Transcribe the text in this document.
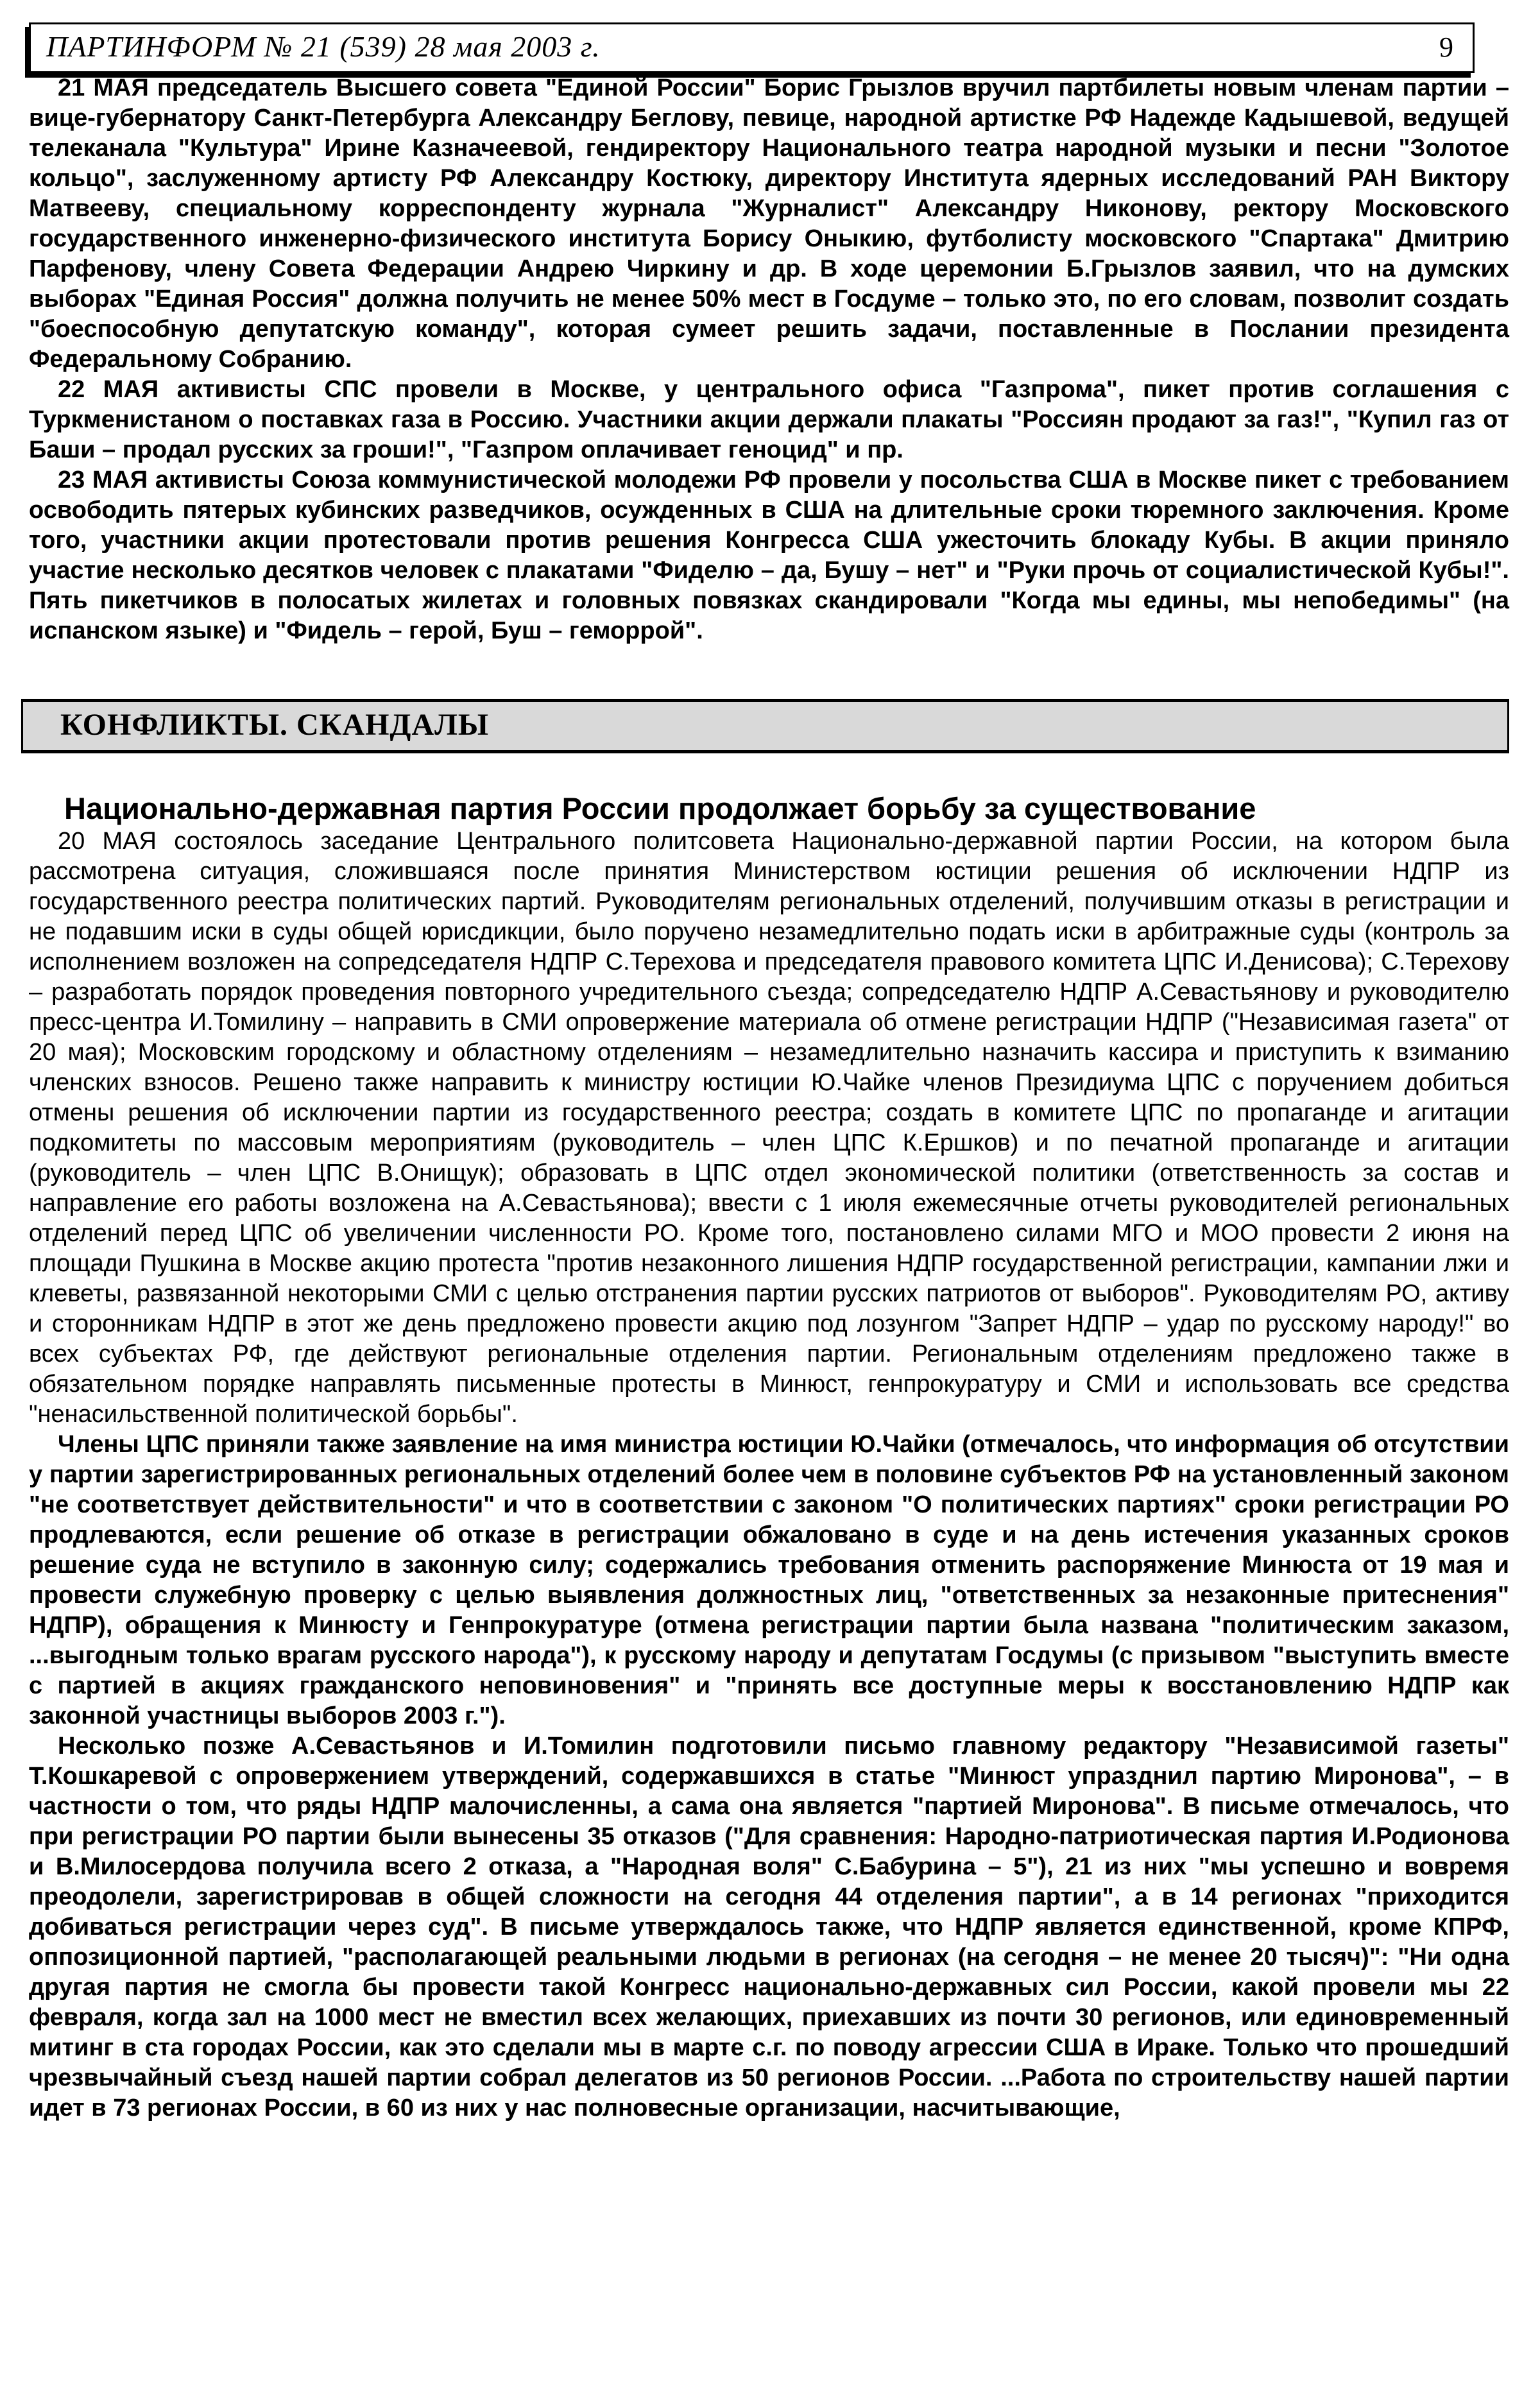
ПАРТИНФОРМ № 21 (539) 28 мая 2003 г.	9

21 МАЯ председатель Высшего совета "Единой России" Борис Грызлов вручил партбилеты новым членам партии – вице-губернатору Санкт-Петербурга Александру Беглову, певице, народной артистке РФ Надежде Кадышевой, ведущей телеканала "Культура" Ирине Казначеевой, гендиректору Национального театра народной музыки и песни "Золотое кольцо", заслуженному артисту РФ Александру Костюку, директору Института ядерных исследований РАН Виктору Матвееву, специальному корреспонденту журнала "Журналист" Александру Никонову, ректору Московского государственного инженерно-физического института Борису Оныкию, футболисту московского "Спартака" Дмитрию Парфенову, члену Совета Федерации Андрею Чиркину и др. В ходе церемонии Б.Грызлов заявил, что на думских выборах "Единая Россия" должна получить не менее 50% мест в Госдуме – только это, по его словам, позволит создать "боеспособную депутатскую команду", которая сумеет решить задачи, поставленные в Послании президента Федеральному Собранию.

22 МАЯ активисты СПС провели в Москве, у центрального офиса "Газпрома", пикет против соглашения с Туркменистаном о поставках газа в Россию. Участники акции держали плакаты "Россиян продают за газ!", "Купил газ от Баши – продал русских за гроши!", "Газпром оплачивает геноцид" и пр.

23 МАЯ активисты Союза коммунистической молодежи РФ провели у посольства США в Москве пикет с требованием освободить пятерых кубинских разведчиков, осужденных в США на длительные сроки тюремного заключения. Кроме того, участники акции протестовали против решения Конгресса США ужесточить блокаду Кубы. В акции приняло участие несколько десятков человек с плакатами "Фиделю – да, Бушу – нет" и "Руки прочь от социалистической Кубы!". Пять пикетчиков в полосатых жилетах и головных повязках скандировали "Когда мы едины, мы непобедимы" (на испанском языке) и "Фидель – герой, Буш – геморрой".

КОНФЛИКТЫ. СКАНДАЛЫ
Национально-державная партия России продолжает борьбу за существование

20 МАЯ состоялось заседание Центрального политсовета Национально-державной партии России, на котором была рассмотрена ситуация, сложившаяся после принятия Министерством юстиции решения об исключении НДПР из государственного реестра политических партий. Руководителям региональных отделений, получившим отказы в регистрации и не подавшим иски в суды общей юрисдикции, было поручено незамедлительно подать иски в арбитражные суды (контроль за исполнением возложен на сопредседателя НДПР С.Терехова и председателя правового комитета ЦПС И.Денисова); С.Терехову – разработать порядок проведения повторного учредительного съезда; сопредседателю НДПР А.Севастьянову и руководителю пресс-центра И.Томилину – направить в СМИ опровержение материала об отмене регистрации НДПР ("Независимая газета" от 20 мая); Московским городскому и областному отделениям – незамедлительно назначить кассира и приступить к взиманию членских взносов. Решено также направить к министру юстиции Ю.Чайке членов Президиума ЦПС с поручением добиться отмены решения об исключении партии из государственного реестра; создать в комитете ЦПС по пропаганде и агитации подкомитеты по массовым мероприятиям (руководитель – член ЦПС К.Ершков) и по печатной пропаганде и агитации (руководитель – член ЦПС В.Онищук); образовать в ЦПС отдел экономической политики (ответственность за состав и направление его работы возложена на А.Севастьянова); ввести с 1 июля ежемесячные отчеты руководителей региональных отделений перед ЦПС об увеличении численности РО. Кроме того, постановлено силами МГО и МОО провести 2 июня на площади Пушкина в Москве акцию протеста "против незаконного лишения НДПР государственной регистрации, кампании лжи и клеветы, развязанной некоторыми СМИ с целью отстранения партии русских патриотов от выборов". Руководителям РО, активу и сторонникам НДПР в этот же день предложено провести акцию под лозунгом "Запрет НДПР – удар по русскому народу!" во всех субъектах РФ, где действуют региональные отделения партии. Региональным отделениям предложено также в обязательном порядке направлять письменные протесты в Минюст, генпрокуратуру и СМИ и использовать все средства "ненасильственной политической борьбы".

Члены ЦПС приняли также заявление на имя министра юстиции Ю.Чайки (отмечалось, что информация об отсутствии у партии зарегистрированных региональных отделений более чем в половине субъектов РФ на установленный законом "не соответствует действительности" и что в соответствии с законом "О политических партиях" сроки регистрации РО продлеваются, если решение об отказе в регистрации обжаловано в суде и на день истечения указанных сроков решение суда не вступило в законную силу; содержались требования отменить распоряжение Минюста от 19 мая и провести служебную проверку с целью выявления должностных лиц, "ответственных за незаконные притеснения" НДПР), обращения к Минюсту и Генпрокуратуре (отмена регистрации партии была названа "политическим заказом, ...выгодным только врагам русского народа"), к русскому народу и депутатам Госдумы (с призывом "выступить вместе с партией в акциях гражданского неповиновения" и "принять все доступные меры к восстановлению НДПР как законной участницы выборов 2003 г.").

Несколько позже А.Севастьянов и И.Томилин подготовили письмо главному редактору "Независимой газеты" Т.Кошкаревой с опровержением утверждений, содержавшихся в статье "Минюст упразднил партию Миронова", – в частности о том, что ряды НДПР малочисленны, а сама она является "партией Миронова". В письме отмечалось, что при регистрации РО партии были вынесены 35 отказов ("Для сравнения: Народно-патриотическая партия И.Родионова и В.Милосердова получила всего 2 отказа, а "Народная воля" С.Бабурина – 5"), 21 из них "мы успешно и вовремя преодолели, зарегистрировав в общей сложности на сегодня 44 отделения партии", а в 14 регионах "приходится добиваться регистрации через суд". В письме утверждалось также, что НДПР является единственной, кроме КПРФ, оппозиционной партией, "располагающей реальными людьми в регионах (на сегодня – не менее 20 тысяч)": "Ни одна другая партия не смогла бы провести такой Конгресс национально-державных сил России, какой провели мы 22 февраля, когда зал на 1000 мест не вместил всех желающих, приехавших из почти 30 регионов, или единовременный митинг в ста городах России, как это сделали мы в марте с.г. по поводу агрессии США в Ираке. Только что прошедший чрезвычайный съезд нашей партии собрал делегатов из 50 регионов России. ...Работа по строительству нашей партии идет в 73 регионах России, в 60 из них у нас полновесные организации, насчитывающие,
